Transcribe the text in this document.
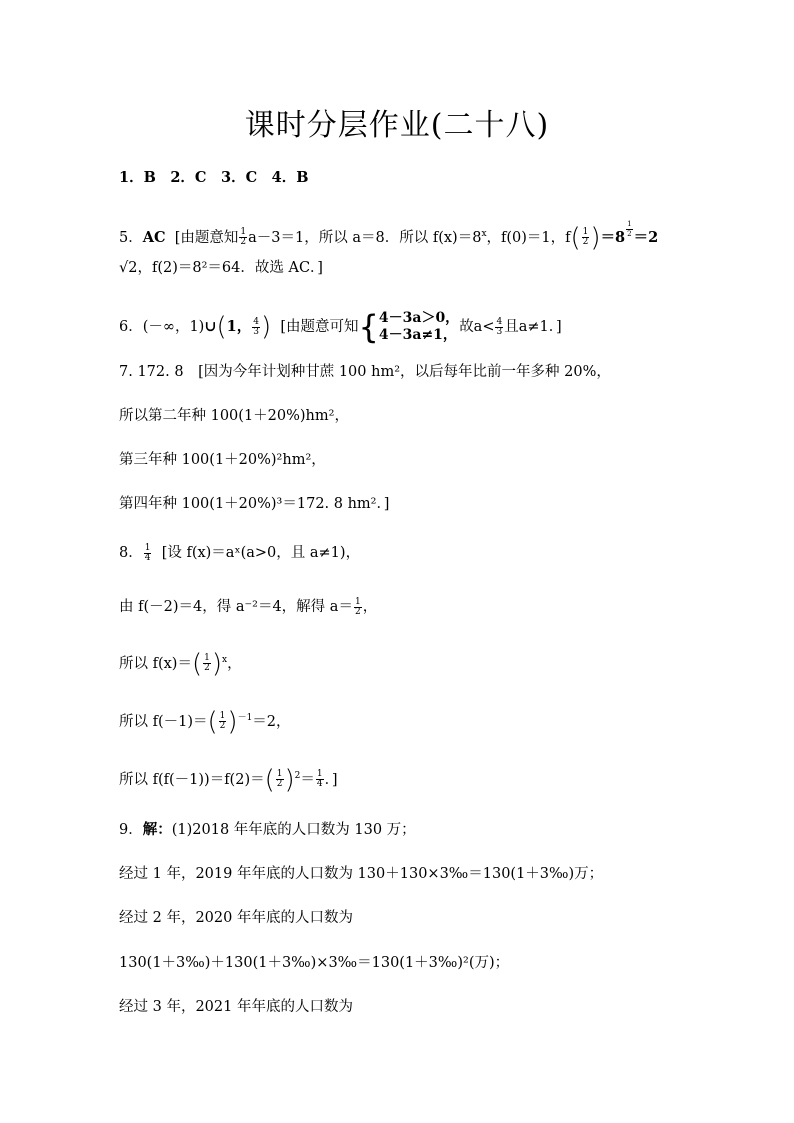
课时分层作业(二十八)
1．B　2．C　3．C　4．B
5．AC [由题意知 $\frac{1}{2} a-3=1$，所以 a＝8．所以 $f(x)=8^x$，f(0)＝1，$f( \frac{1}{2} )=8$ $^{\frac{1}{2}}$ ＝2
√2，f(2)＝8²＝64．故选 AC．]
6．(－∞，1)∪(1， $\frac{4}{3}$ ) [由题意可知{ 4－3a＞0，
4－3a≠1， 故$a< \frac{4}{3}$ 且a≠1．]
7. 172. 8　[因为今年计划种甘蔗 100 hm²，以后每年比前一年多种 20%，
所以第二年种 100(1＋20%)hm²，
第三年种 100(1＋20%)²hm²，
第四年种 100(1＋20%)³＝172. 8 hm²．]
8． $\frac{1}{4}$ [设 f(x)＝aˣ(a>0，且 a≠1)，
由 f(－2)＝4，得 a⁻²＝4，解得 $a= \frac{1}{2}$ ，
所以 $f(x)=( \frac{1}{2} )^x$，
所以 $f(-1)=( \frac{1}{2} )^{-1}=2$，
所以 $f(f(-1))=f(2)=( \frac{1}{2} )^2= \frac{1}{4}$ ．]
9．解：(1)2018 年年底的人口数为 130 万；
经过 1 年，2019 年年底的人口数为 130＋130×3‰＝130(1＋3‰)万；
经过 2 年，2020 年年底的人口数为
130(1＋3‰)＋130(1＋3‰)×3‰＝130(1＋3‰)²(万)；
经过 3 年，2021 年年底的人口数为
